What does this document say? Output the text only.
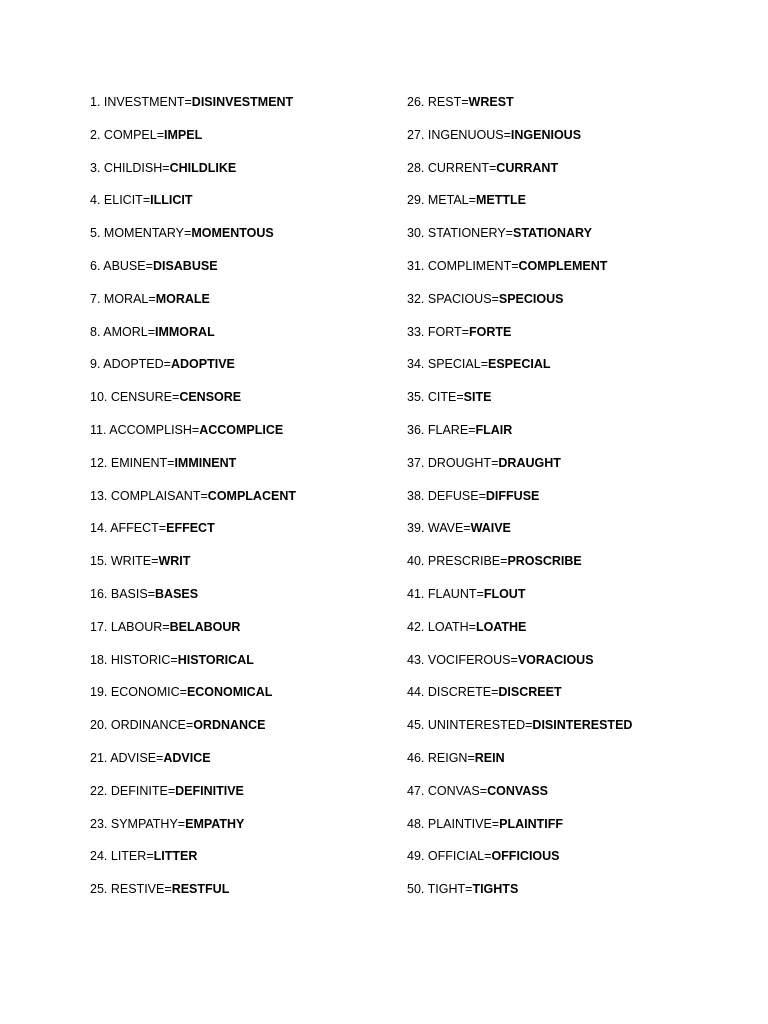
1. INVESTMENT=DISINVESTMENT
2. COMPEL=IMPEL
3. CHILDISH=CHILDLIKE
4. ELICIT=ILLICIT
5. MOMENTARY=MOMENTOUS
6. ABUSE=DISABUSE
7. MORAL=MORALE
8. AMORL=IMMORAL
9. ADOPTED=ADOPTIVE
10. CENSURE=CENSORE
11. ACCOMPLISH=ACCOMPLICE
12. EMINENT=IMMINENT
13. COMPLAISANT=COMPLACENT
14. AFFECT=EFFECT
15. WRITE=WRIT
16. BASIS=BASES
17. LABOUR=BELABOUR
18. HISTORIC=HISTORICAL
19. ECONOMIC=ECONOMICAL
20. ORDINANCE=ORDNANCE
21. ADVISE=ADVICE
22. DEFINITE=DEFINITIVE
23. SYMPATHY=EMPATHY
24. LITER=LITTER
25. RESTIVE=RESTFUL
26. REST=WREST
27. INGENUOUS=INGENIOUS
28. CURRENT=CURRANT
29. METAL=METTLE
30. STATIONERY=STATIONARY
31. COMPLIMENT=COMPLEMENT
32. SPACIOUS=SPECIOUS
33. FORT=FORTE
34. SPECIAL=ESPECIAL
35. CITE=SITE
36. FLARE=FLAIR
37. DROUGHT=DRAUGHT
38. DEFUSE=DIFFUSE
39. WAVE=WAIVE
40. PRESCRIBE=PROSCRIBE
41. FLAUNT=FLOUT
42. LOATH=LOATHE
43. VOCIFEROUS=VORACIOUS
44. DISCRETE=DISCREET
45. UNINTERESTED=DISINTERESTED
46. REIGN=REIN
47. CONVAS=CONVASS
48. PLAINTIVE=PLAINTIFF
49. OFFICIAL=OFFICIOUS
50. TIGHT=TIGHTS
